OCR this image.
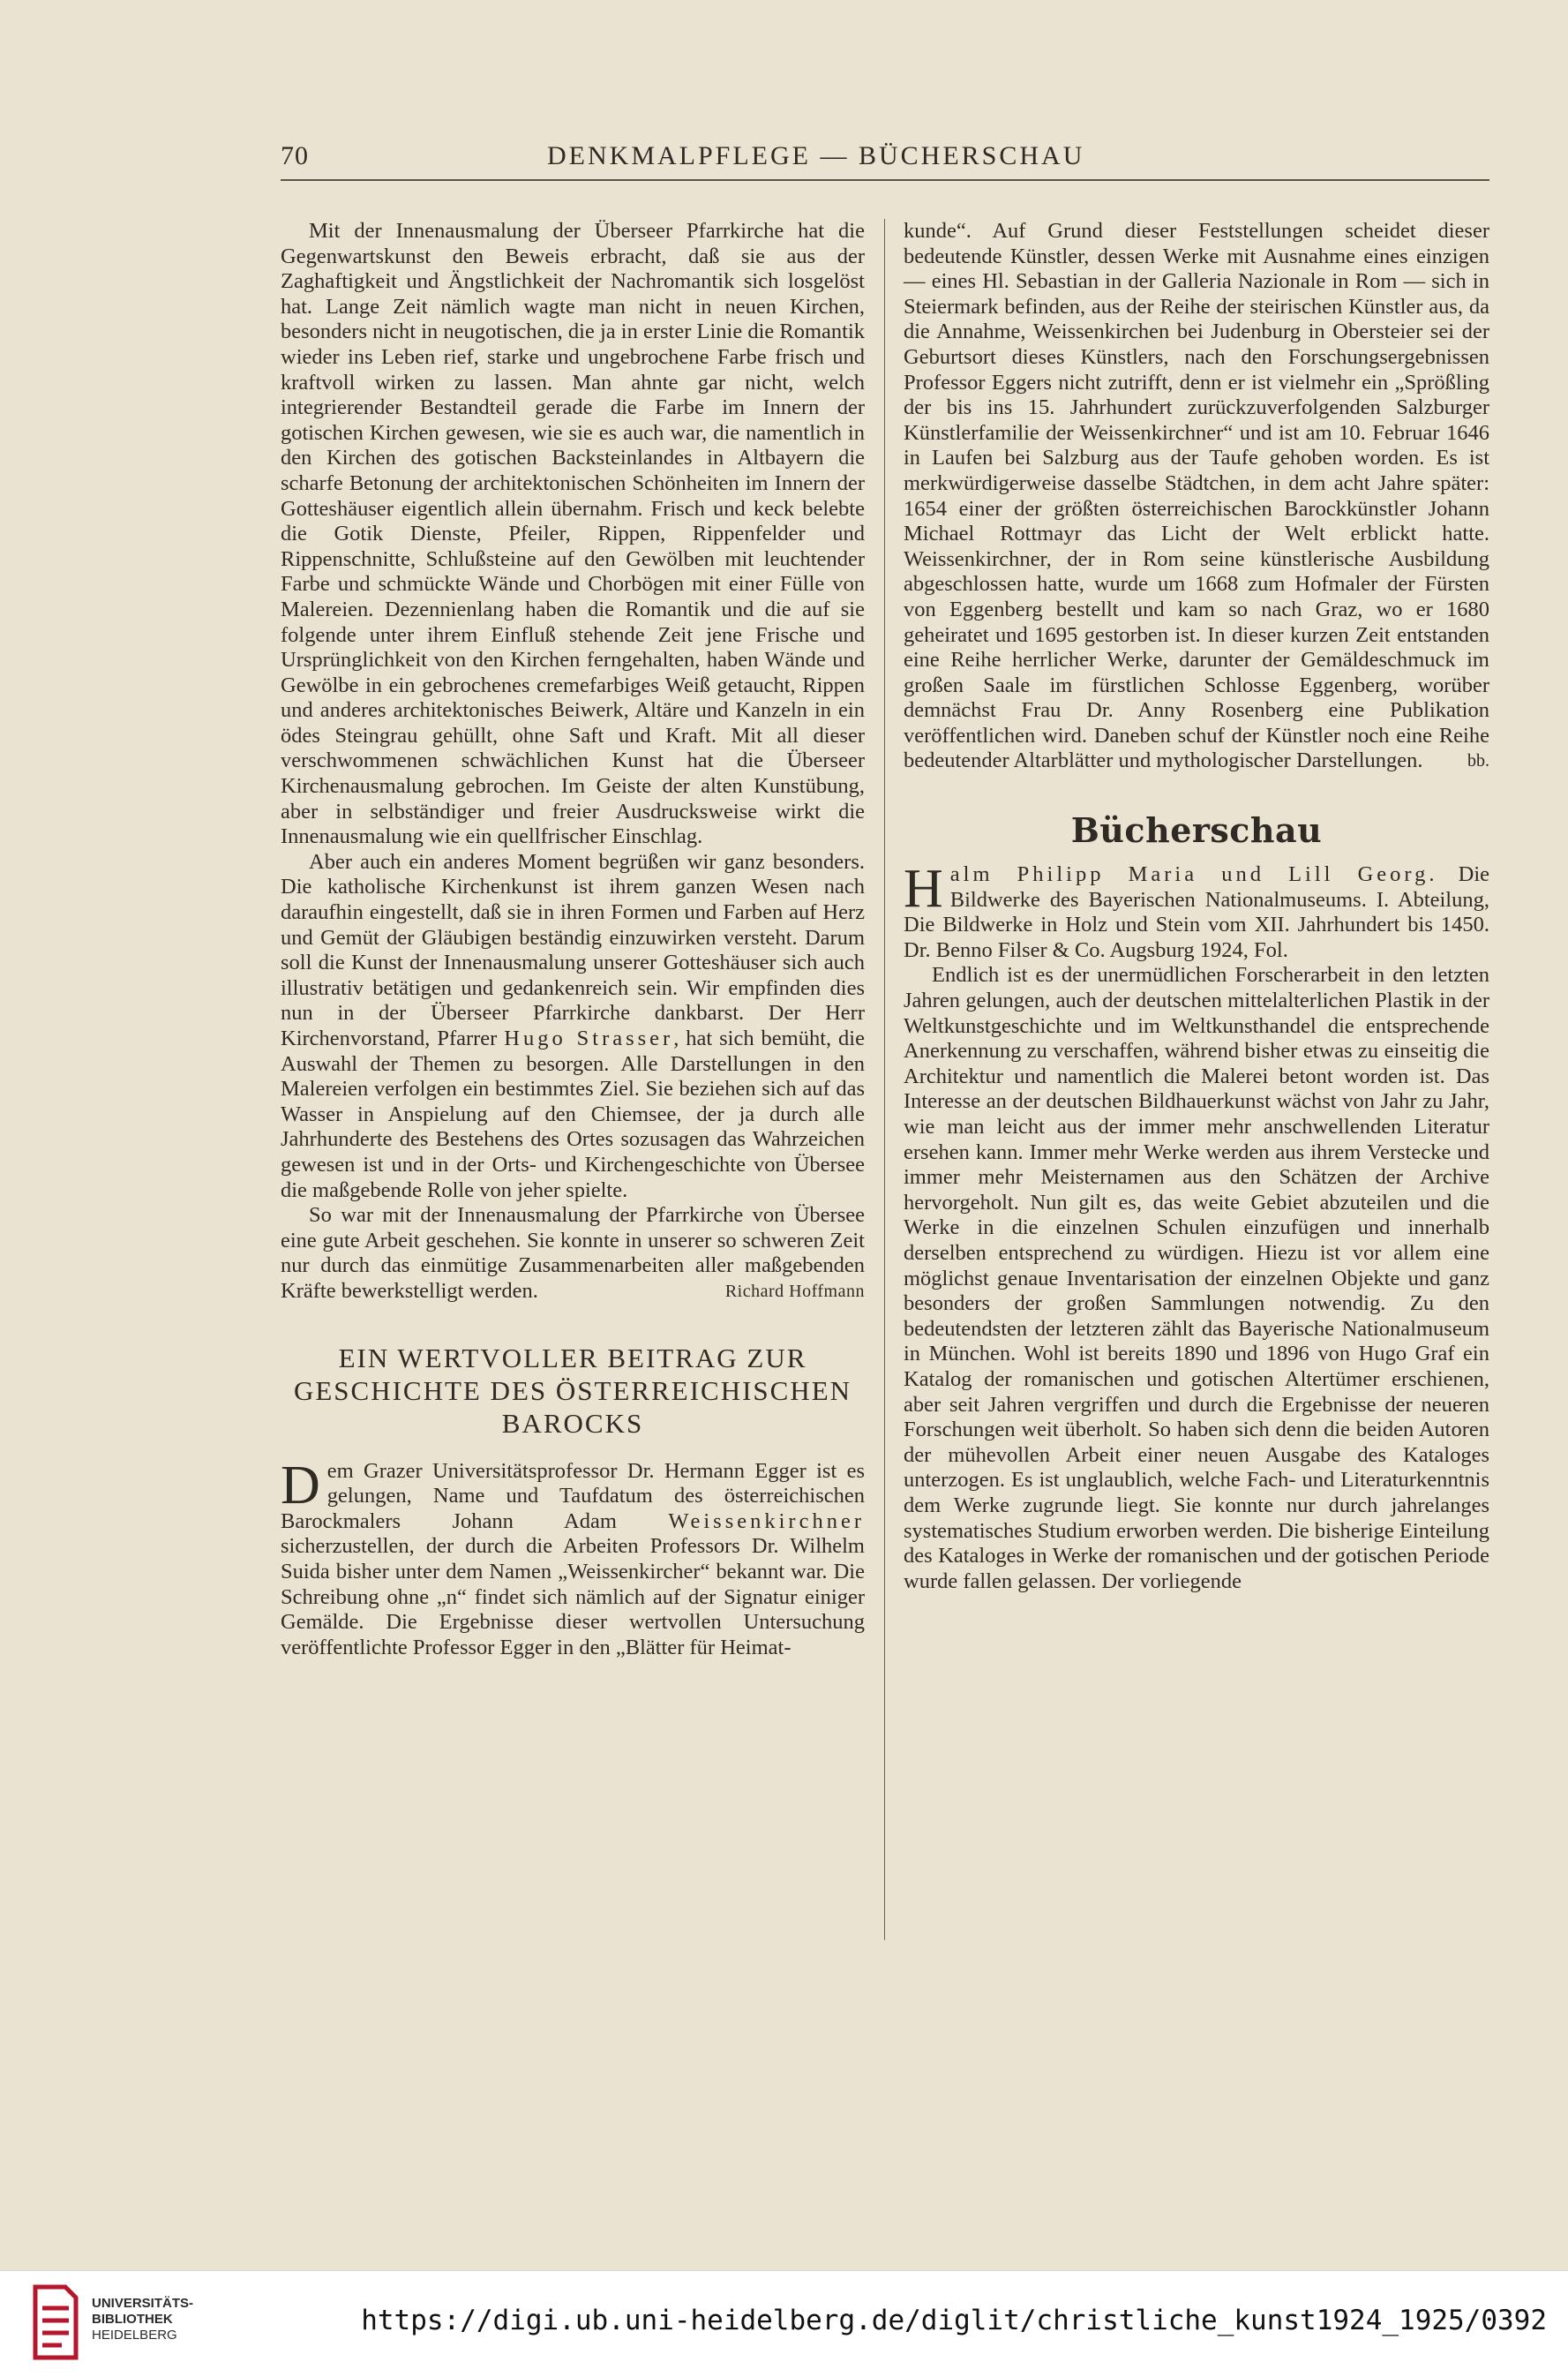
70	DENKMALPFLEGE — BÜCHERSCHAU

Mit der Innenausmalung der Überseer Pfarrkirche hat die Gegenwartskunst den Beweis erbracht, daß sie aus der Zaghaftigkeit und Ängstlichkeit der Nachromantik sich losgelöst hat. Lange Zeit nämlich wagte man nicht in neuen Kirchen, besonders nicht in neugotischen, die ja in erster Linie die Romantik wieder ins Leben rief, starke und ungebrochene Farbe frisch und kraftvoll wirken zu lassen. Man ahnte gar nicht, welch integrierender Bestandteil gerade die Farbe im Innern der gotischen Kirchen gewesen, wie sie es auch war, die namentlich in den Kirchen des gotischen Backsteinlandes in Altbayern die scharfe Betonung der architektonischen Schönheiten im Innern der Gotteshäuser eigentlich allein übernahm. Frisch und keck belebte die Gotik Dienste, Pfeiler, Rippen, Rippenfelder und Rippenschnitte, Schlußsteine auf den Gewölben mit leuchtender Farbe und schmückte Wände und Chorbögen mit einer Fülle von Malereien. Dezennienlang haben die Romantik und die auf sie folgende unter ihrem Einfluß stehende Zeit jene Frische und Ursprünglichkeit von den Kirchen ferngehalten, haben Wände und Gewölbe in ein gebrochenes cremefarbiges Weiß getaucht, Rippen und anderes architektonisches Beiwerk, Altäre und Kanzeln in ein ödes Steingrau gehüllt, ohne Saft und Kraft. Mit all dieser verschwommenen schwächlichen Kunst hat die Überseer Kirchenausmalung gebrochen. Im Geiste der alten Kunstübung, aber in selbständiger und freier Ausdrucksweise wirkt die Innenausmalung wie ein quellfrischer Einschlag.

Aber auch ein anderes Moment begrüßen wir ganz besonders. Die katholische Kirchenkunst ist ihrem ganzen Wesen nach daraufhin eingestellt, daß sie in ihren Formen und Farben auf Herz und Gemüt der Gläubigen beständig einzuwirken versteht. Darum soll die Kunst der Innenausmalung unserer Gotteshäuser sich auch illustrativ betätigen und gedankenreich sein. Wir empfinden dies nun in der Überseer Pfarrkirche dankbarst. Der Herr Kirchenvorstand, Pfarrer Hugo Strasser, hat sich bemüht, die Auswahl der Themen zu besorgen. Alle Darstellungen in den Malereien verfolgen ein bestimmtes Ziel. Sie beziehen sich auf das Wasser in Anspielung auf den Chiemsee, der ja durch alle Jahrhunderte des Bestehens des Ortes sozusagen das Wahrzeichen gewesen ist und in der Orts- und Kirchengeschichte von Übersee die maßgebende Rolle von jeher spielte.

So war mit der Innenausmalung der Pfarrkirche von Übersee eine gute Arbeit geschehen. Sie konnte in unserer so schweren Zeit nur durch das einmütige Zusammenarbeiten aller maßgebenden Kräfte bewerkstelligt werden.	Richard Hoffmann

EIN WERTVOLLER BEITRAG ZUR GESCHICHTE DES ÖSTERREICHISCHEN BAROCKS

Dem Grazer Universitätsprofessor Dr. Hermann Egger ist es gelungen, Name und Taufdatum des österreichischen Barockmalers Johann Adam Weissenkirchner sicherzustellen, der durch die Arbeiten Professors Dr. Wilhelm Suida bisher unter dem Namen „Weissenkircher“ bekannt war. Die Schreibung ohne „n“ findet sich nämlich auf der Signatur einiger Gemälde. Die Ergebnisse dieser wertvollen Untersuchung veröffentlichte Professor Egger in den „Blätter für Heimat-

kunde“. Auf Grund dieser Feststellungen scheidet dieser bedeutende Künstler, dessen Werke mit Ausnahme eines einzigen — eines Hl. Sebastian in der Galleria Nazionale in Rom — sich in Steiermark befinden, aus der Reihe der steirischen Künstler aus, da die Annahme, Weissenkirchen bei Judenburg in Obersteier sei der Geburtsort dieses Künstlers, nach den Forschungsergebnissen Professor Eggers nicht zutrifft, denn er ist vielmehr ein „Sprößling der bis ins 15. Jahrhundert zurückzuverfolgenden Salzburger Künstlerfamilie der Weissenkirchner“ und ist am 10. Februar 1646 in Laufen bei Salzburg aus der Taufe gehoben worden. Es ist merkwürdigerweise dasselbe Städtchen, in dem acht Jahre später: 1654 einer der größten österreichischen Barockkünstler Johann Michael Rottmayr das Licht der Welt erblickt hatte. Weissenkirchner, der in Rom seine künstlerische Ausbildung abgeschlossen hatte, wurde um 1668 zum Hofmaler der Fürsten von Eggenberg bestellt und kam so nach Graz, wo er 1680 geheiratet und 1695 gestorben ist. In dieser kurzen Zeit entstanden eine Reihe herrlicher Werke, darunter der Gemäldeschmuck im großen Saale im fürstlichen Schlosse Eggenberg, worüber demnächst Frau Dr. Anny Rosenberg eine Publikation veröffentlichen wird. Daneben schuf der Künstler noch eine Reihe bedeutender Altarblätter und mythologischer Darstellungen.	bb.

Bücherschau

Halm Philipp Maria und Lill Georg. Die Bildwerke des Bayerischen Nationalmuseums. I. Abteilung, Die Bildwerke in Holz und Stein vom XII. Jahrhundert bis 1450. Dr. Benno Filser & Co. Augsburg 1924, Fol.

Endlich ist es der unermüdlichen Forscherarbeit in den letzten Jahren gelungen, auch der deutschen mittelalterlichen Plastik in der Weltkunstgeschichte und im Weltkunsthandel die entsprechende Anerkennung zu verschaffen, während bisher etwas zu einseitig die Architektur und namentlich die Malerei betont worden ist. Das Interesse an der deutschen Bildhauerkunst wächst von Jahr zu Jahr, wie man leicht aus der immer mehr anschwellenden Literatur ersehen kann. Immer mehr Werke werden aus ihrem Verstecke und immer mehr Meisternamen aus den Schätzen der Archive hervorgeholt. Nun gilt es, das weite Gebiet abzuteilen und die Werke in die einzelnen Schulen einzufügen und innerhalb derselben entsprechend zu würdigen. Hiezu ist vor allem eine möglichst genaue Inventarisation der einzelnen Objekte und ganz besonders der großen Sammlungen notwendig. Zu den bedeutendsten der letzteren zählt das Bayerische Nationalmuseum in München. Wohl ist bereits 1890 und 1896 von Hugo Graf ein Katalog der romanischen und gotischen Altertümer erschienen, aber seit Jahren vergriffen und durch die Ergebnisse der neueren Forschungen weit überholt. So haben sich denn die beiden Autoren der mühevollen Arbeit einer neuen Ausgabe des Kataloges unterzogen. Es ist unglaublich, welche Fach- und Literaturkenntnis dem Werke zugrunde liegt. Sie konnte nur durch jahrelanges systematisches Studium erworben werden. Die bisherige Einteilung des Kataloges in Werke der romanischen und der gotischen Periode wurde fallen gelassen. Der vorliegende

UNIVERSITÄTS-
BIBLIOTHEK
HEIDELBERG	https://digi.ub.uni-heidelberg.de/diglit/christliche_kunst1924_1925/0392
